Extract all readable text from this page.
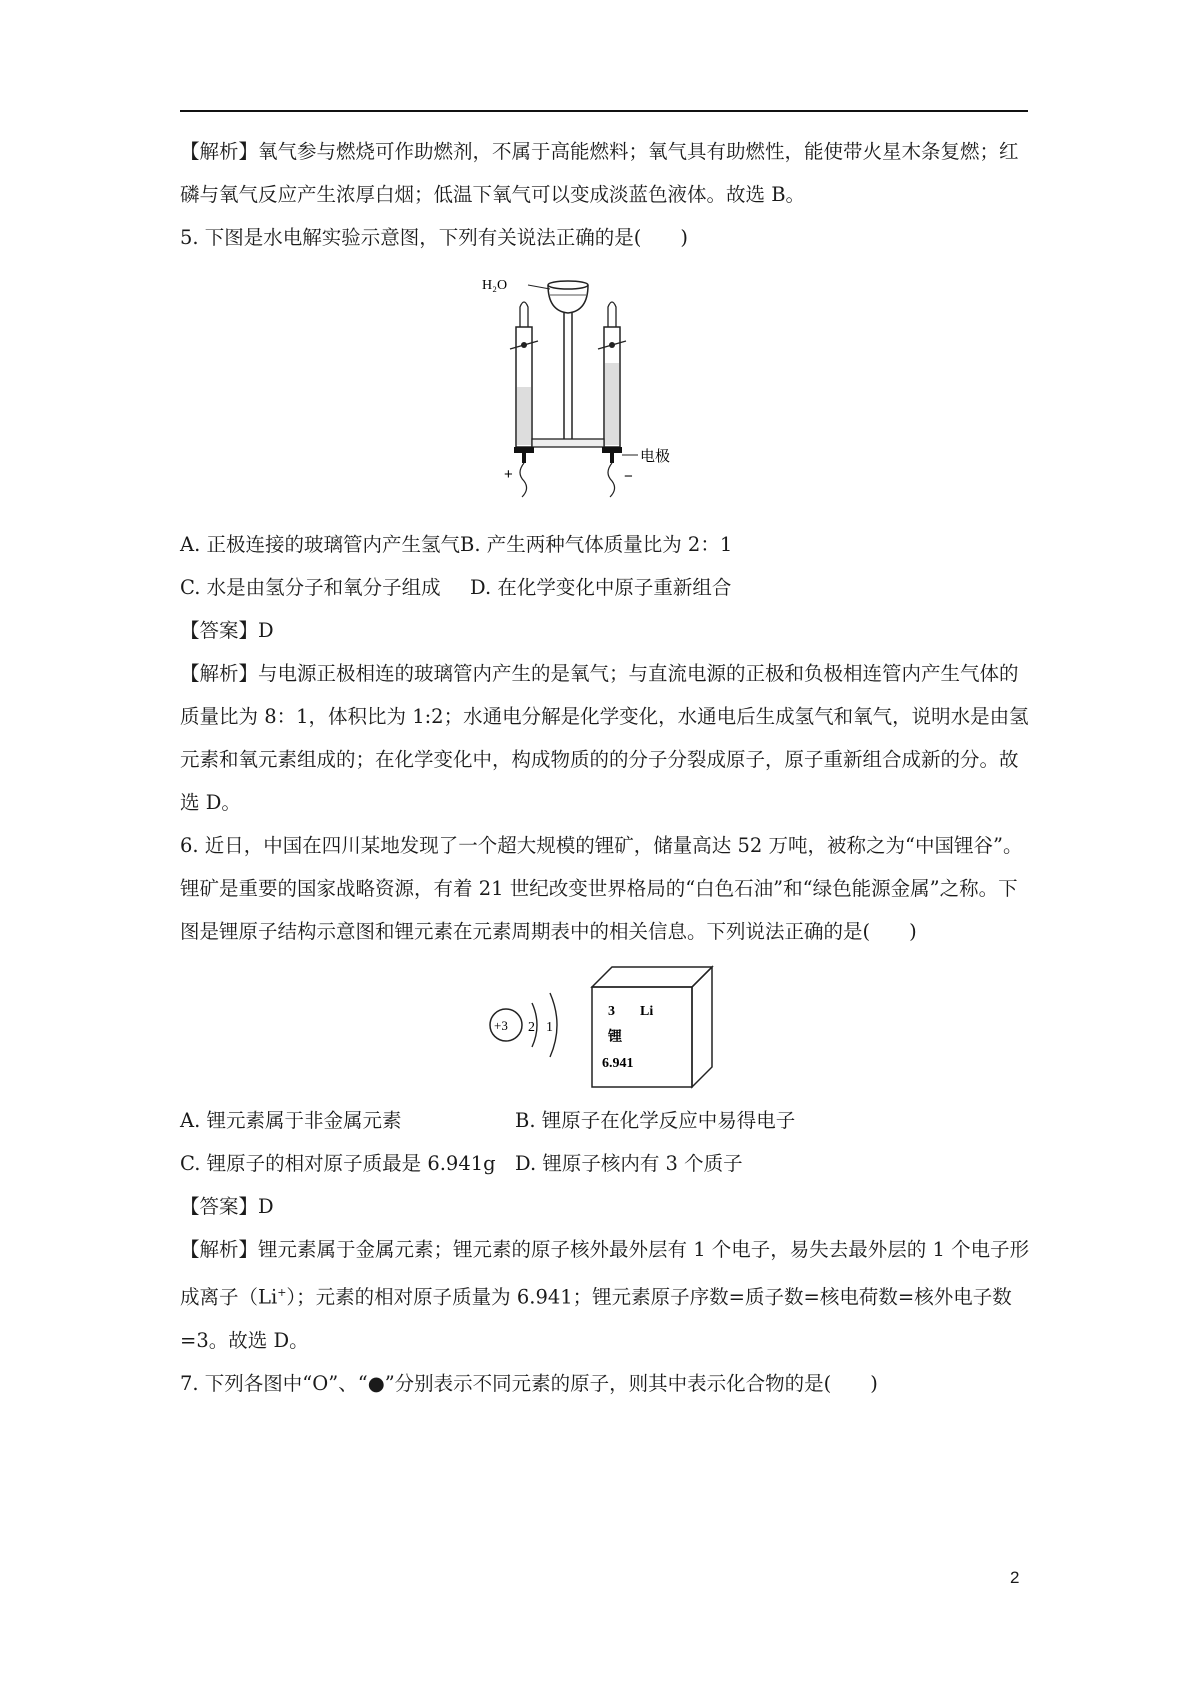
【解析】氧气参与燃烧可作助燃剂，不属于高能燃料；氧气具有助燃性，能使带火星木条复燃；红磷与氧气反应产生浓厚白烟；低温下氧气可以变成淡蓝色液体。故选 B。

5. 下图是水电解实验示意图，下列有关说法正确的是(　　)

H₂O
+	−
电极
A. 正极连接的玻璃管内产生氢气 B. 产生两种气体质量比为 2：1
C. 水是由氢分子和氧分子组成	D. 在化学变化中原子重新组合

【答案】D

【解析】与电源正极相连的玻璃管内产生的是氧气；与直流电源的正极和负极相连管内产生气体的质量比为 8：1，体积比为 1:2；水通电分解是化学变化，水通电后生成氢气和氧气，说明水是由氢元素和氧元素组成的；在化学变化中，构成物质的的分子分裂成原子，原子重新组合成新的分。故选 D。

6. 近日，中国在四川某地发现了一个超大规模的锂矿，储量高达 52 万吨，被称之为“中国锂谷”。锂矿是重要的国家战略资源，有着 21 世纪改变世界格局的“白色石油”和“绿色能源金属”之称。下图是锂原子结构示意图和锂元素在元素周期表中的相关信息。下列说法正确的是(　　)

+3 2 1
3 Li
锂
6.941
A. 锂元素属于非金属元素	B. 锂原子在化学反应中易得电子
C. 锂原子的相对原子质最是 6.941g D. 锂原子核内有 3 个质子

【答案】D

【解析】锂元素属于金属元素；锂元素的原子核外最外层有 1 个电子，易失去最外层的 1 个电子形成离子（Li+）；元素的相对原子质量为 6.941；锂元素原子序数=质子数=核电荷数=核外电子数=3。故选 D。

7. 下列各图中“O”、“●”分别表示不同元素的原子，则其中表示化合物的是(　　)

2
